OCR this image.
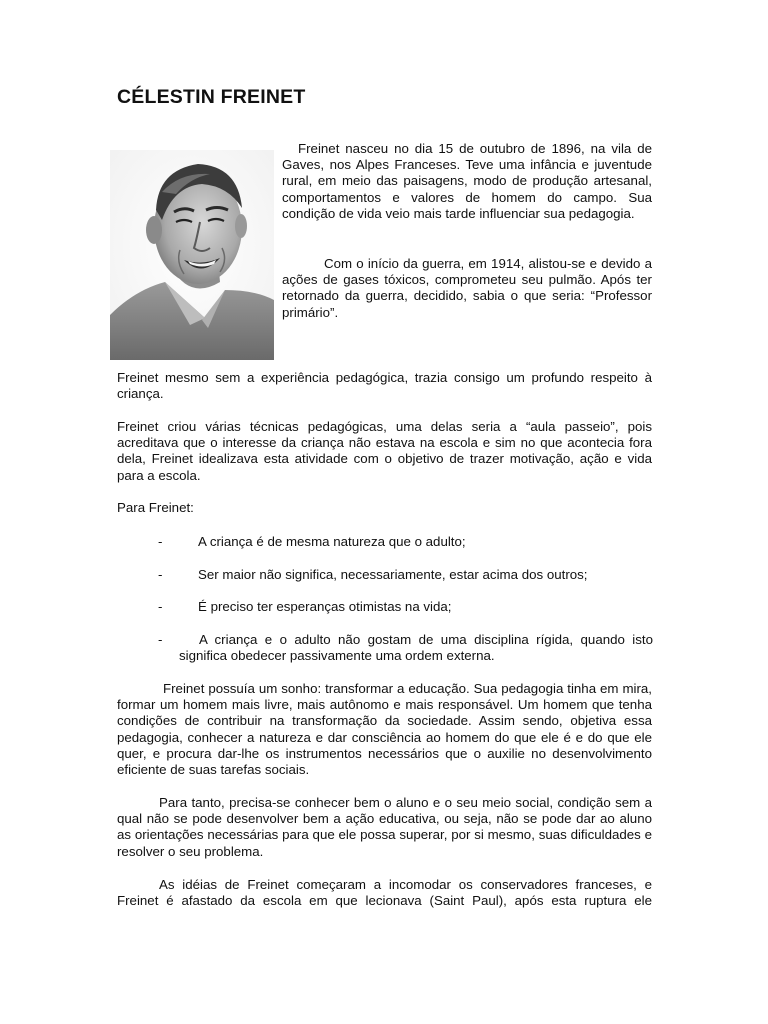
CÉLESTIN FREINET

Freinet nasceu no dia 15 de outubro de 1896, na vila de Gaves, nos Alpes Franceses. Teve uma infância e juventude rural, em meio das paisagens, modo de produção artesanal, comportamentos e valores de homem do campo. Sua condição de vida veio mais tarde influenciar sua pedagogia.

Com o início da guerra, em 1914, alistou-se e devido a ações de gases tóxicos, comprometeu seu pulmão. Após ter retornado da guerra, decidido, sabia o que seria: “Professor primário”.

Freinet mesmo sem a experiência pedagógica, trazia consigo um profundo respeito à criança.

Freinet criou várias técnicas pedagógicas, uma delas seria a “aula passeio”, pois acreditava que o interesse da criança não estava na escola e sim no que acontecia fora dela, Freinet idealizava esta atividade com o objetivo de trazer motivação, ação e vida para a escola.

Para Freinet:

-	A criança é de mesma natureza que o adulto;

-	Ser maior não significa, necessariamente, estar acima dos outros;

-	É preciso ter esperanças otimistas na vida;

-	A criança e o adulto não gostam de uma disciplina rígida, quando isto significa obedecer passivamente uma ordem externa.

Freinet possuía um sonho: transformar a educação. Sua pedagogia tinha em mira, formar um homem mais livre, mais autônomo e mais responsável. Um homem que tenha condições de contribuir na transformação da sociedade. Assim sendo, objetiva essa pedagogia, conhecer a natureza e dar consciência ao homem do que ele é e do que ele quer, e procura dar-lhe os instrumentos necessários que o auxilie no desenvolvimento eficiente de suas tarefas sociais.

Para tanto, precisa-se conhecer bem o aluno e o seu meio social, condição sem a qual não se pode desenvolver bem a ação educativa, ou seja, não se pode dar ao aluno as orientações necessárias para que ele possa superar, por si mesmo, suas dificuldades e resolver o seu problema.

As idéias de Freinet começaram a incomodar os conservadores franceses, e Freinet é afastado da escola em que lecionava (Saint Paul), após esta ruptura ele
